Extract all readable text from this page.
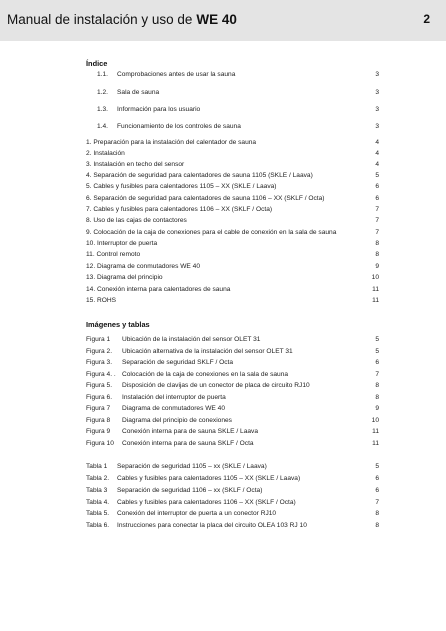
Manual de instalación y uso de WE 40	2
Índice
1.1. Comprobaciones antes de usar la sauna	3
1.2. Sala de sauna	3
1.3. Información para los usuario	3
1.4. Funcionamiento de los controles de sauna	3
1. Preparación para la instalación del calentador de sauna	4
2. Instalación	4
3. Instalación en techo del sensor	4
4. Separación de seguridad para calentadores de sauna 1105 (SKLE / Laava)	5
5. Cables y fusibles para calentadores 1105 – XX (SKLE / Laava)	6
6. Separación de seguridad para calentadores de sauna 1106 – XX (SKLF / Octa)	6
7. Cables y fusibles para calentadores 1106 – XX (SKLF / Octa)	7
8. Uso de las cajas de contactores	7
9. Colocación de la caja de conexiones para el cable de conexión en la sala de sauna	7
10. Interruptor de puerta	8
11. Control remoto	8
12. Diagrama de conmutadores WE 40	9
13. Diagrama del principio	10
14. Conexión interna para calentadores de sauna	11
15. ROHS	11
Imágenes y tablas
Figura 1 Ubicación de la instalación del sensor OLET 31	5
Figura 2. Ubicación alternativa de la instalación del sensor OLET 31	5
Figura 3. Separación de seguridad SKLF / Octa	6
Figura 4. . Colocación de la caja de conexiones en la sala de sauna	7
Figura 5. Disposición de clavijas de un conector de placa de circuito RJ10	8
Figura 6. Instalación del interruptor de puerta	8
Figura 7 Diagrama de conmutadores WE 40	9
Figura 8 Diagrama del principio de conexiones	10
Figura 9 Conexión interna para de sauna SKLE / Laava	11
Figura 10 Conexión interna para de sauna SKLF / Octa	11
Tabla 1 Separación de seguridad 1105 – xx (SKLE / Laava)	5
Tabla 2. Cables y fusibles para calentadores 1105 – XX (SKLE / Laava)	6
Tabla 3 Separación de seguridad 1106 – xx (SKLF / Octa)	6
Tabla 4. Cables y fusibles para calentadores 1106 – XX (SKLF / Octa)	7
Tabla 5. Conexión del interruptor de puerta a un conector RJ10	8
Tabla 6. Instrucciones para conectar la placa del circuito OLEA 103 RJ 10	8
